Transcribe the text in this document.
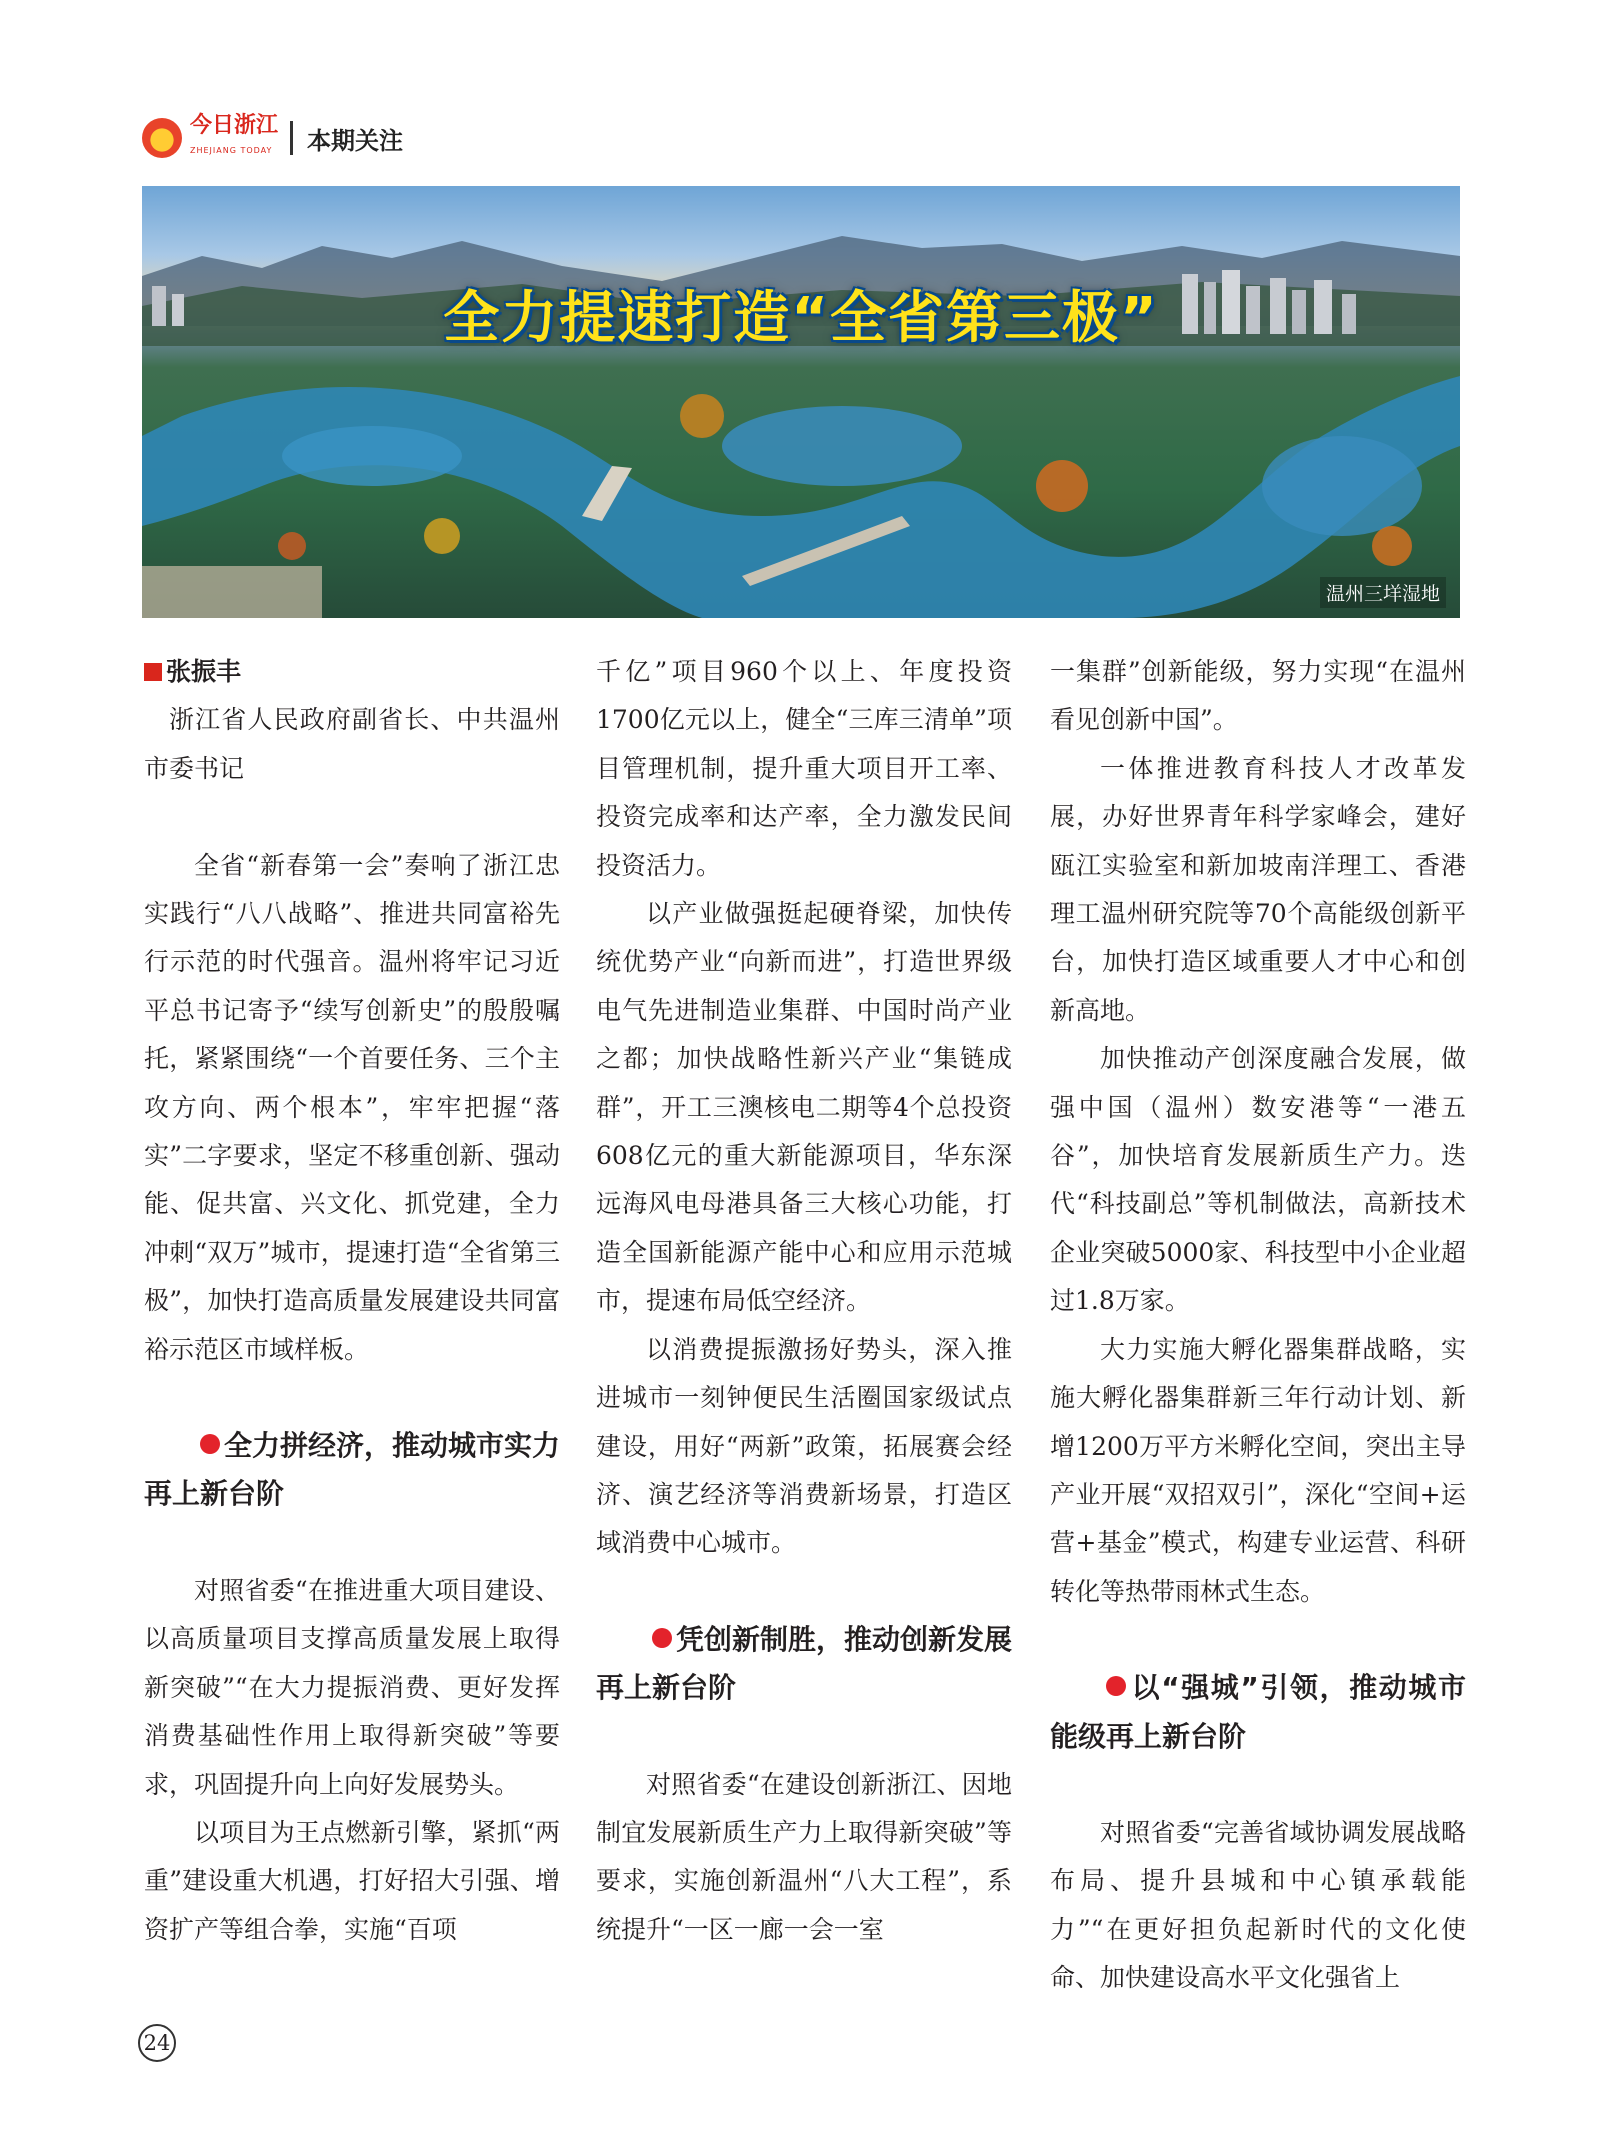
今日浙江
ZHEJIANG TODAY 本期关注
全力提速打造“全省第三极”
温州三垟湿地

张振丰

浙江省人民政府副省长、中共温州市委书记

全省“新春第一会”奏响了浙江忠实践行“八八战略”、推进共同富裕先行示范的时代强音。温州将牢记习近平总书记寄予“续写创新史”的殷殷嘱托，紧紧围绕“一个首要任务、三个主攻方向、两个根本”，牢牢把握“落实”二字要求，坚定不移重创新、强动能、促共富、兴文化、抓党建，全力冲刺“双万”城市，提速打造“全省第三极”，加快打造高质量发展建设共同富裕示范区市域样板。

全力拼经济，推动城市实力再上新台阶

对照省委“在推进重大项目建设、以高质量项目支撑高质量发展上取得新突破”“在大力提振消费、更好发挥消费基础性作用上取得新突破”等要求，巩固提升向上向好发展势头。

以项目为王点燃新引擎，紧抓“两重”建设重大机遇，打好招大引强、增资扩产等组合拳，实施“百项

千亿”项目960个以上、年度投资1700亿元以上，健全“三库三清单”项目管理机制，提升重大项目开工率、投资完成率和达产率，全力激发民间投资活力。

以产业做强挺起硬脊梁，加快传统优势产业“向新而进”，打造世界级电气先进制造业集群、中国时尚产业之都；加快战略性新兴产业“集链成群”，开工三澳核电二期等4个总投资608亿元的重大新能源项目，华东深远海风电母港具备三大核心功能，打造全国新能源产能中心和应用示范城市，提速布局低空经济。

以消费提振激扬好势头，深入推进城市一刻钟便民生活圈国家级试点建设，用好“两新”政策，拓展赛会经济、演艺经济等消费新场景，打造区域消费中心城市。

凭创新制胜，推动创新发展再上新台阶

对照省委“在建设创新浙江、因地制宜发展新质生产力上取得新突破”等要求，实施创新温州“八大工程”，系统提升“一区一廊一会一室

一集群”创新能级，努力实现“在温州看见创新中国”。

一体推进教育科技人才改革发展，办好世界青年科学家峰会，建好瓯江实验室和新加坡南洋理工、香港理工温州研究院等70个高能级创新平台，加快打造区域重要人才中心和创新高地。

加快推动产创深度融合发展，做强中国（温州）数安港等“一港五谷”，加快培育发展新质生产力。迭代“科技副总”等机制做法，高新技术企业突破5000家、科技型中小企业超过1.8万家。

大力实施大孵化器集群战略，实施大孵化器集群新三年行动计划、新增1200万平方米孵化空间，突出主导产业开展“双招双引”，深化“空间+运营+基金”模式，构建专业运营、科研转化等热带雨林式生态。

以“强城”引领，推动城市能级再上新台阶

对照省委“完善省域协调发展战略布局、提升县城和中心镇承载能力”“在更好担负起新时代的文化使命、加快建设高水平文化强省上

24
